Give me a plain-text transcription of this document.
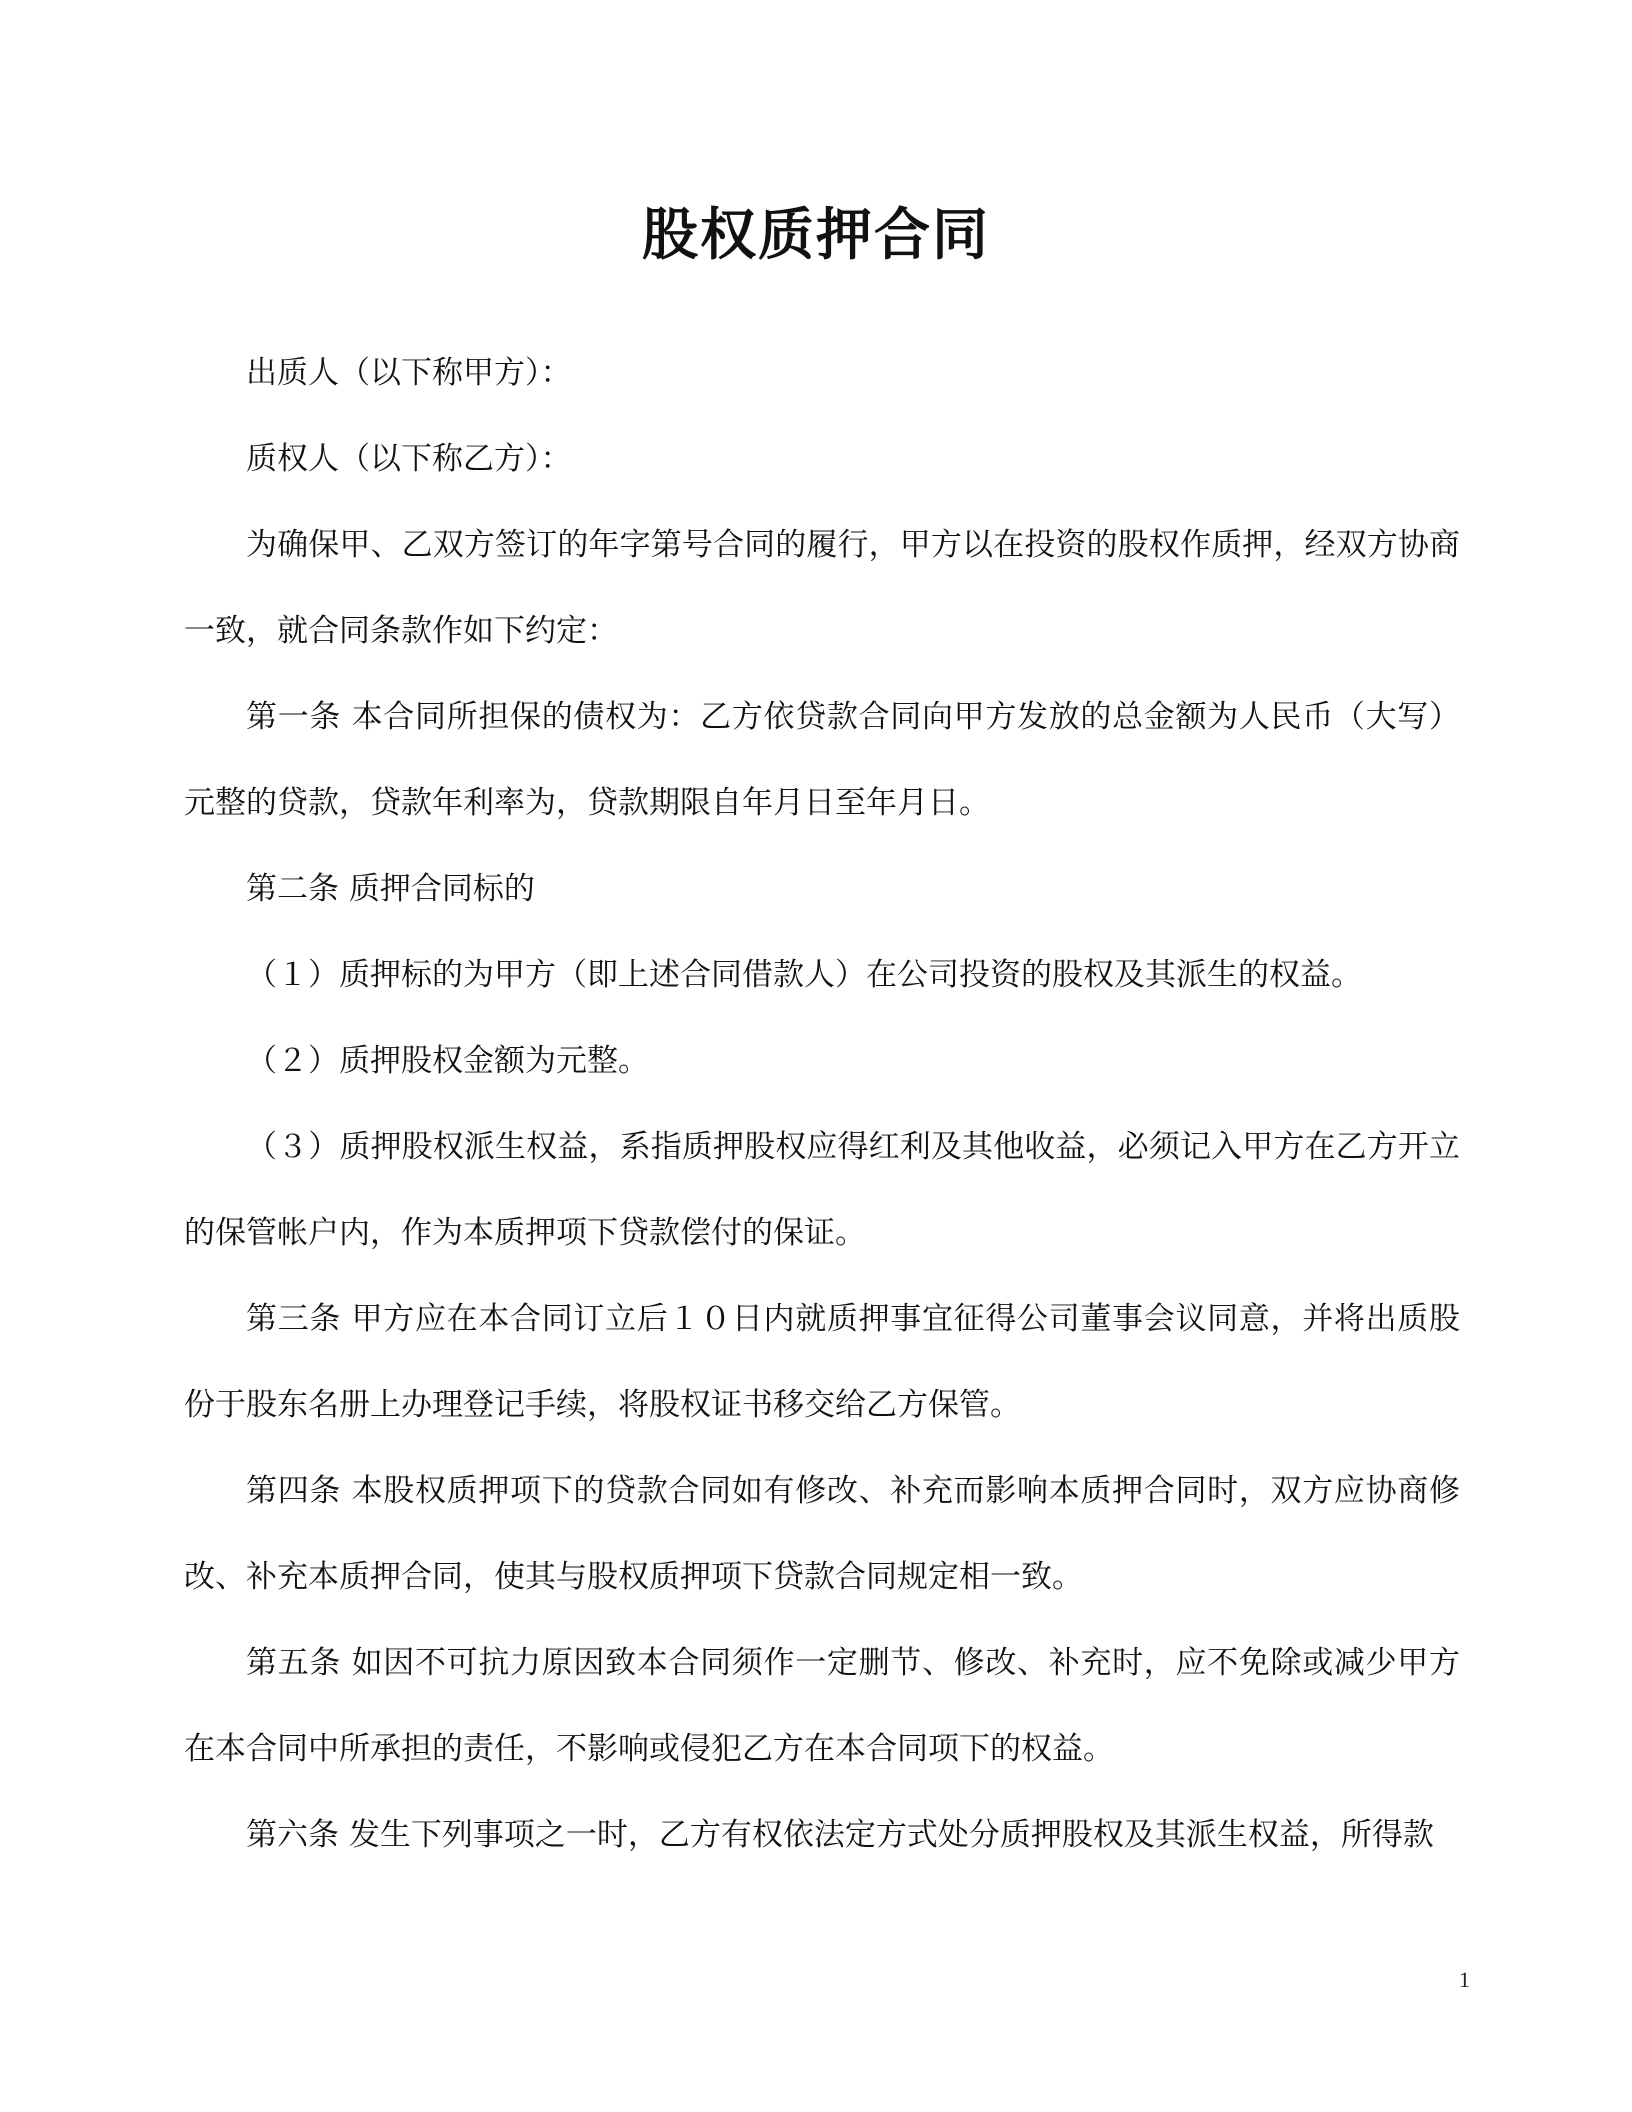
股权质押合同

出质人（以下称甲方）：

质权人（以下称乙方）：

为确保甲、乙双方签订的年字第号合同的履行，甲方以在投资的股权作质押，经双方协商一致，就合同条款作如下约定：

第一条 本合同所担保的债权为：乙方依贷款合同向甲方发放的总金额为人民币（大写）元整的贷款，贷款年利率为，贷款期限自年月日至年月日。

第二条 质押合同标的

（１）质押标的为甲方（即上述合同借款人）在公司投资的股权及其派生的权益。

（２）质押股权金额为元整。

（３）质押股权派生权益，系指质押股权应得红利及其他收益，必须记入甲方在乙方开立的保管帐户内，作为本质押项下贷款偿付的保证。

第三条 甲方应在本合同订立后１０日内就质押事宜征得公司董事会议同意，并将出质股份于股东名册上办理登记手续，将股权证书移交给乙方保管。

第四条 本股权质押项下的贷款合同如有修改、补充而影响本质押合同时，双方应协商修改、补充本质押合同，使其与股权质押项下贷款合同规定相一致。

第五条 如因不可抗力原因致本合同须作一定删节、修改、补充时，应不免除或减少甲方在本合同中所承担的责任，不影响或侵犯乙方在本合同项下的权益。

第六条 发生下列事项之一时，乙方有权依法定方式处分质押股权及其派生权益，所得款

1
